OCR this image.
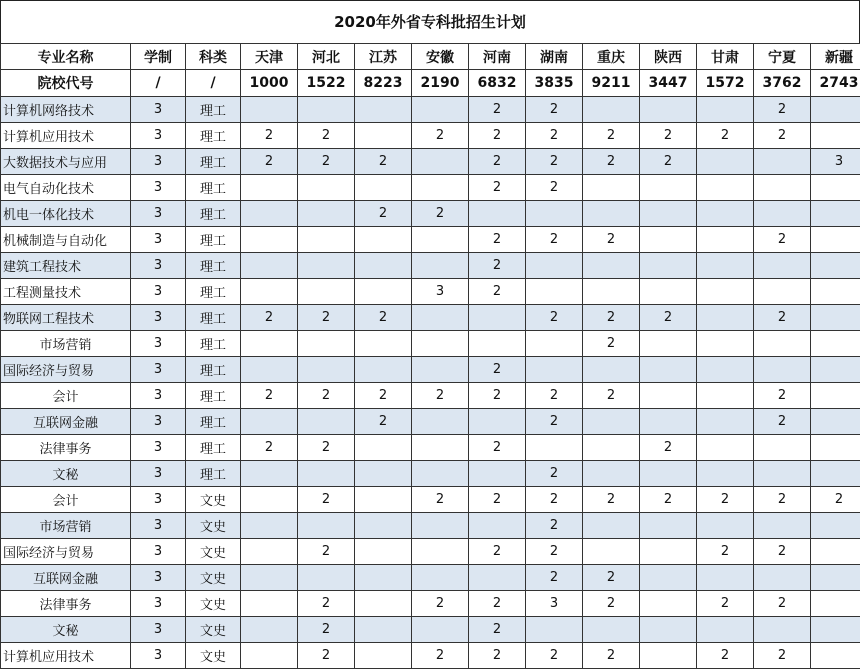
2020年外省专科批招生计划
专业名称	学制	科类	天津	河北	江苏	安徽	河南	湖南	重庆	陕西	甘肃	宁夏	新疆
院校代号	/	/	1000	1522	8223	2190	6832	3835	9211	3447	1572	3762	2743
计算机网络技术	3	理工					2	2				2	
计算机应用技术	3	理工	2	2		2	2	2	2	2	2	2	
大数据技术与应用	3	理工	2	2	2		2	2	2	2			3
电气自动化技术	3	理工					2	2					
机电一体化技术	3	理工			2	2							
机械制造与自动化	3	理工					2	2	2			2	
建筑工程技术	3	理工					2						
工程测量技术	3	理工				3	2						
物联网工程技术	3	理工	2	2	2			2	2	2		2	
市场营销	3	理工							2				
国际经济与贸易	3	理工					2						
会计	3	理工	2	2	2	2	2	2	2			2	
互联网金融	3	理工			2			2				2	
法律事务	3	理工	2	2			2			2			
文秘	3	理工						2					
会计	3	文史		2		2	2	2	2	2	2	2	2
市场营销	3	文史						2					
国际经济与贸易	3	文史		2			2	2			2	2	
互联网金融	3	文史						2	2				
法律事务	3	文史		2		2	2	3	2		2	2	
文秘	3	文史		2			2						
计算机应用技术	3	文史		2		2	2	2	2		2	2	
